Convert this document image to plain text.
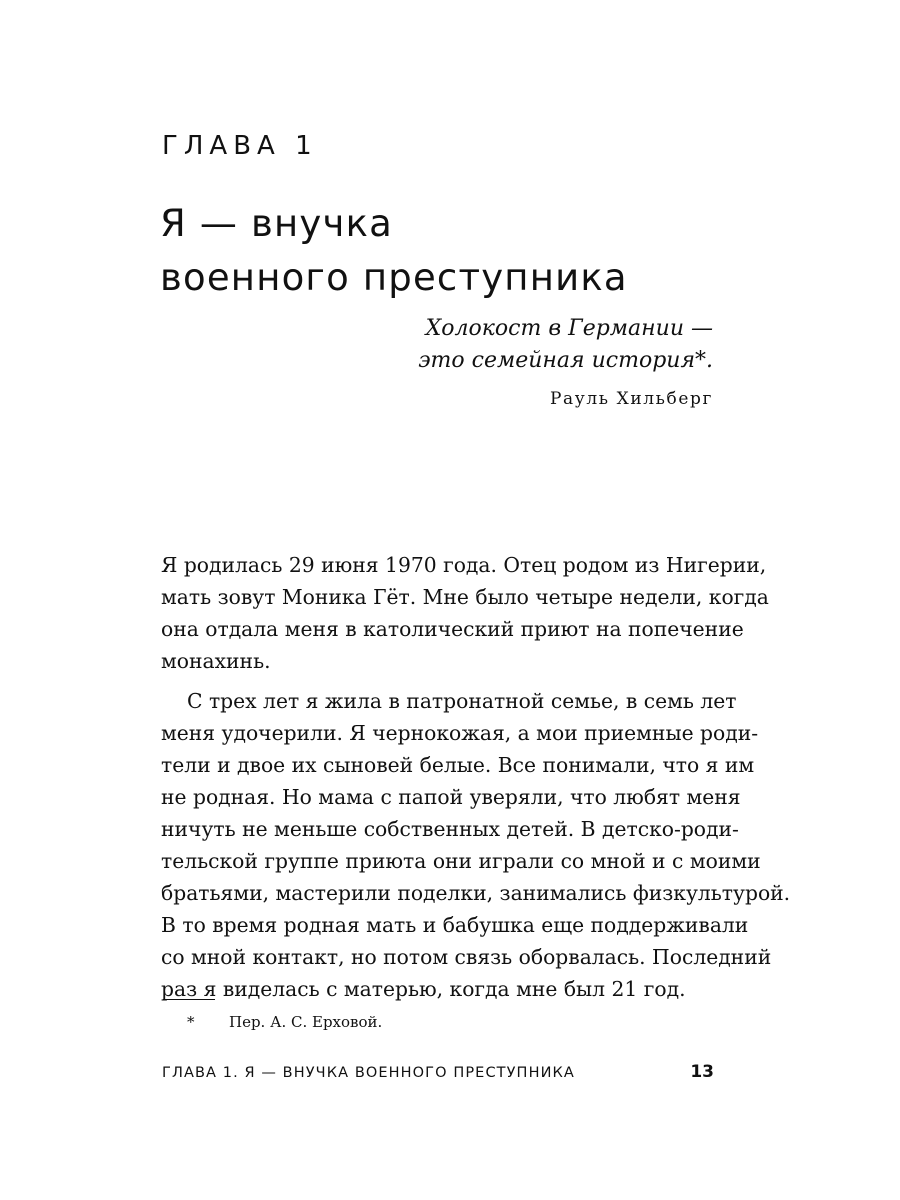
ГЛАВА 1
Я — внучка
военного преступника
Холокост в Германии —
это семейная история*.
Рауль Хильберг
Я родилась 29 июня 1970 года. Отец родом из Нигерии,
мать зовут Моника Гёт. Мне было четыре недели, когда
она отдала меня в католический приют на попечение
монахинь.
С трех лет я жила в патронатной семье, в семь лет
меня удочерили. Я чернокожая, а мои приемные роди-
тели и двое их сыновей белые. Все понимали, что я им
не родная. Но мама с папой уверяли, что любят меня
ничуть не меньше собственных детей. В детско-роди-
тельской группе приюта они играли со мной и с моими
братьями, мастерили поделки, занимались физкультурой.
В то время родная мать и бабушка еще поддерживали
со мной контакт, но потом связь оборвалась. Последний
раз я виделась с матерью, когда мне был 21 год.
* Пер. А. С. Ерховой.
ГЛАВА 1. Я — ВНУЧКА ВОЕННОГО ПРЕСТУПНИКА	13
